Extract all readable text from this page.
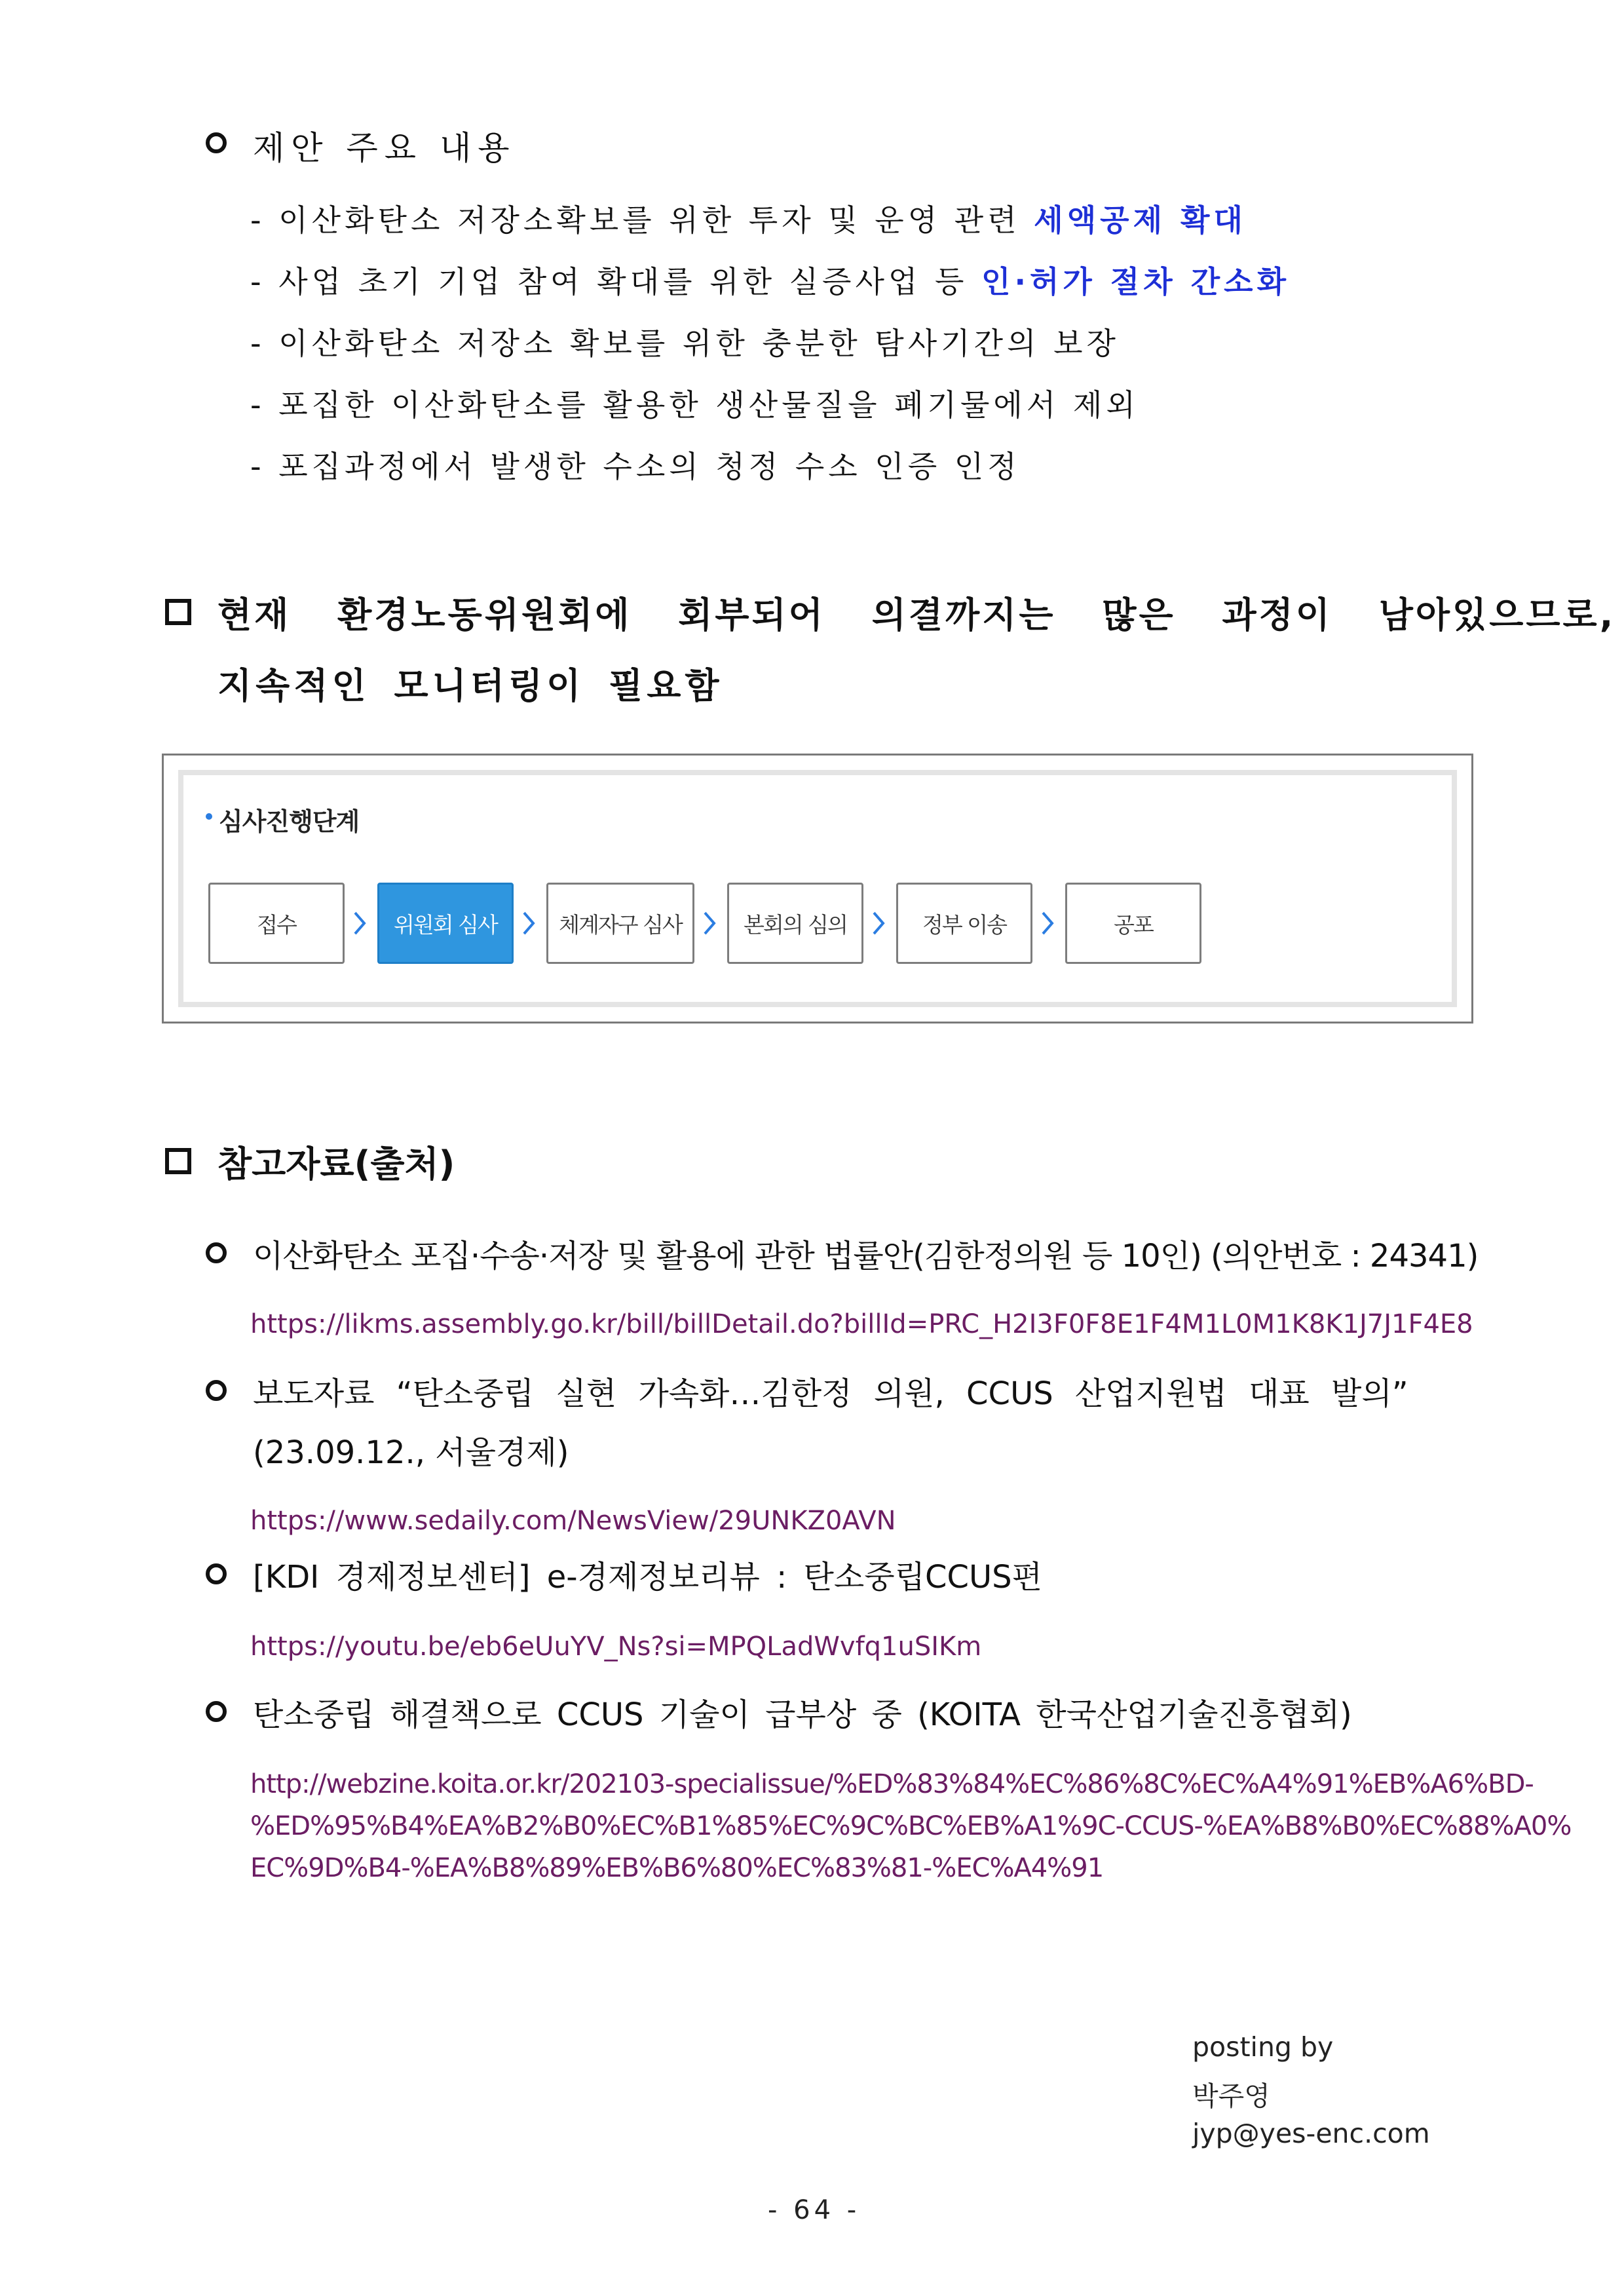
제안 주요 내용
- 이산화탄소 저장소확보를 위한 투자 및 운영 관련 세액공제 확대
- 사업 초기 기업 참여 확대를 위한 실증사업 등 인·허가 절차 간소화
- 이산화탄소 저장소 확보를 위한 충분한 탐사기간의 보장
- 포집한 이산화탄소를 활용한 생산물질을 폐기물에서 제외
- 포집과정에서 발생한 수소의 청정 수소 인증 인정
현재 환경노동위원회에 회부되어 의결까지는 많은 과정이 남아있으므로,
지속적인 모니터링이 필요함
심사진행단계
접수	위원회 심사	체계자구 심사	본회의 심의	정부 이송	공포
참고자료(출처)
이산화탄소 포집·수송·저장 및 활용에 관한 법률안(김한정의원 등 10인) (의안번호 : 24341)
https://likms.assembly.go.kr/bill/billDetail.do?billId=PRC_H2I3F0F8E1F4M1L0M1K8K1J7J1F4E8
보도자료 “탄소중립 실현 가속화…김한정 의원, CCUS 산업지원법 대표 발의”
(23.09.12., 서울경제)
https://www.sedaily.com/NewsView/29UNKZ0AVN
[KDI 경제정보센터] e-경제정보리뷰 : 탄소중립CCUS편
https://youtu.be/eb6eUuYV_Ns?si=MPQLadWvfq1uSIKm
탄소중립 해결책으로 CCUS 기술이 급부상 중 (KOITA 한국산업기술진흥협회)
http://webzine.koita.or.kr/202103-specialissue/%ED%83%84%EC%86%8C%EC%A4%91%EB%A6%BD-
%ED%95%B4%EA%B2%B0%EC%B1%85%EC%9C%BC%EB%A1%9C-CCUS-%EA%B8%B0%EC%88%A0%
EC%9D%B4-%EA%B8%89%EB%B6%80%EC%83%81-%EC%A4%91
posting by
박주영
jyp@yes-enc.com
- 64 -
